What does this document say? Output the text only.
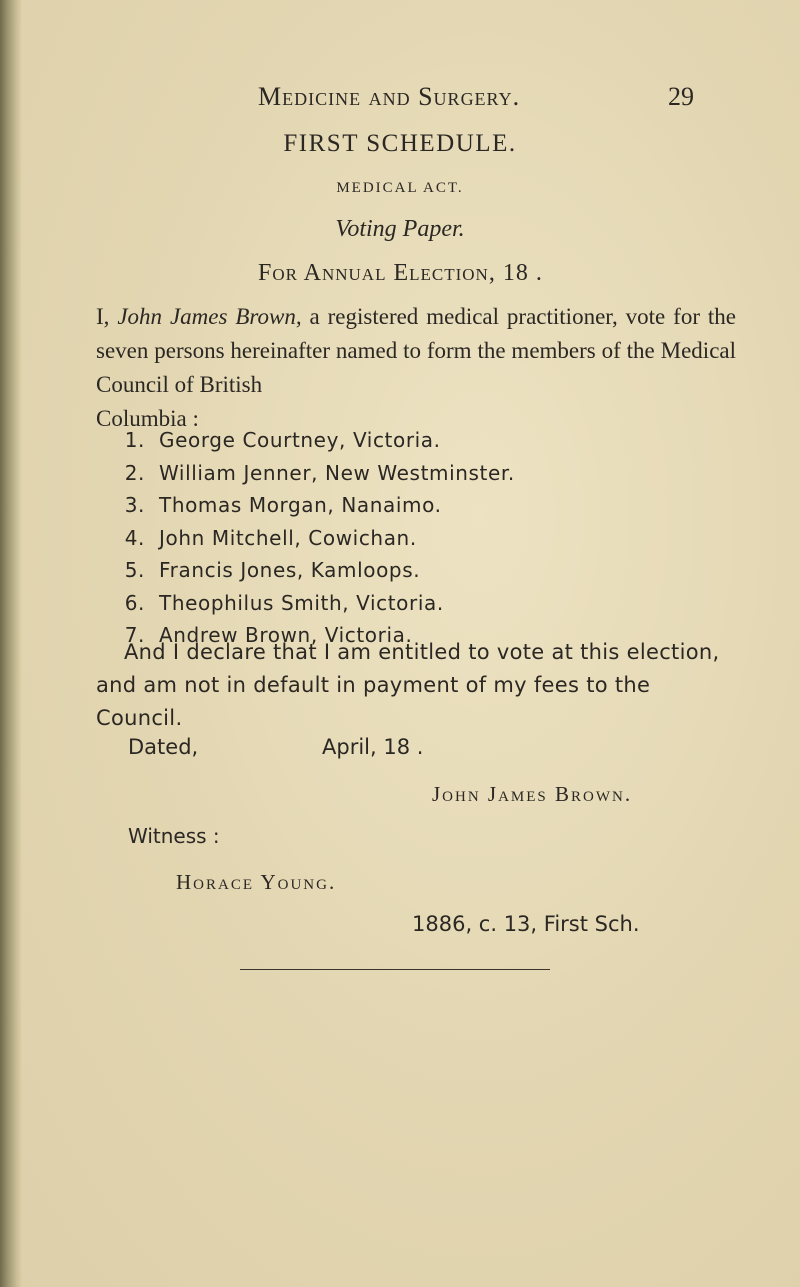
Medicine and Surgery.	29
FIRST SCHEDULE.
MEDICAL ACT.
Voting Paper.
For Annual Election, 18 .
I, John James Brown, a registered medical practitioner, vote for the seven persons hereinafter named to form the members of the Medical Council of British
Columbia :
1. George Courtney, Victoria.
2. William Jenner, New Westminster.
3. Thomas Morgan, Nanaimo.
4. John Mitchell, Cowichan.
5. Francis Jones, Kamloops.
6. Theophilus Smith, Victoria.
7. Andrew Brown, Victoria.
And I declare that I am entitled to vote at this election, and am not in default in payment of my fees to the Council.
Dated,	April, 18 .
John James Brown.
Witness :
Horace Young.
1886, c. 13, First Sch.
